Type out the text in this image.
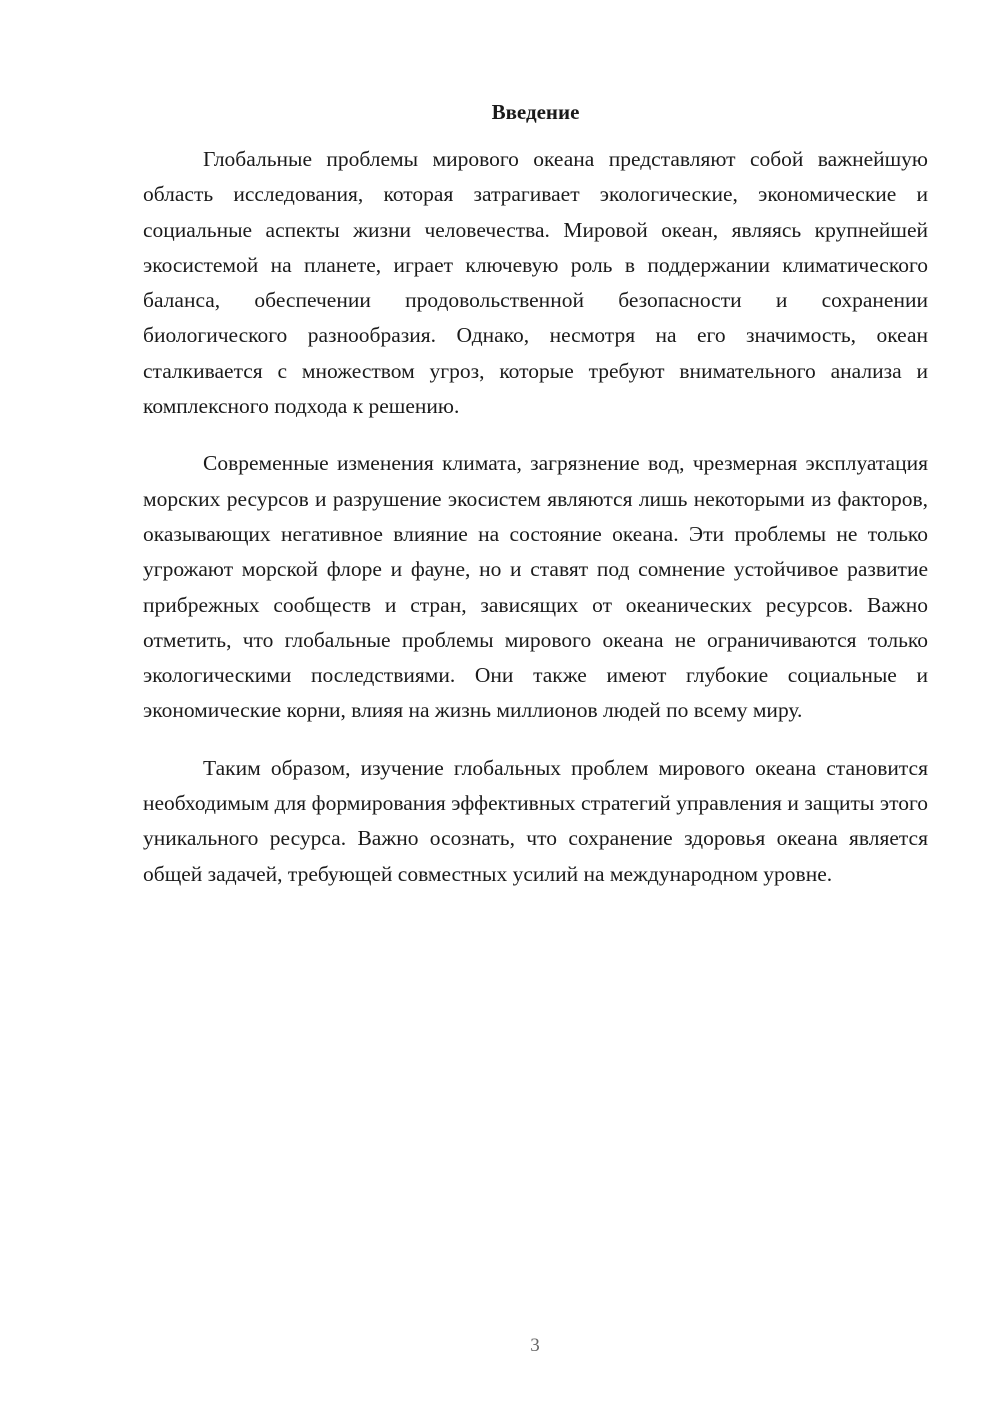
Введение

Глобальные проблемы мирового океана представляют собой важнейшую область исследования, которая затрагивает экологические, экономические и социальные аспекты жизни человечества. Мировой океан, являясь крупнейшей экосистемой на планете, играет ключевую роль в поддержании климатического баланса, обеспечении продовольственной безопасности и сохранении биологического разнообразия. Однако, несмотря на его значимость, океан сталкивается с множеством угроз, которые требуют внимательного анализа и комплексного подхода к решению.

Современные изменения климата, загрязнение вод, чрезмерная эксплуатация морских ресурсов и разрушение экосистем являются лишь некоторыми из факторов, оказывающих негативное влияние на состояние океана. Эти проблемы не только угрожают морской флоре и фауне, но и ставят под сомнение устойчивое развитие прибрежных сообществ и стран, зависящих от океанических ресурсов. Важно отметить, что глобальные проблемы мирового океана не ограничиваются только экологическими последствиями. Они также имеют глубокие социальные и экономические корни, влияя на жизнь миллионов людей по всему миру.

Таким образом, изучение глобальных проблем мирового океана становится необходимым для формирования эффективных стратегий управления и защиты этого уникального ресурса. Важно осознать, что сохранение здоровья океана является общей задачей, требующей совместных усилий на международном уровне.

3
